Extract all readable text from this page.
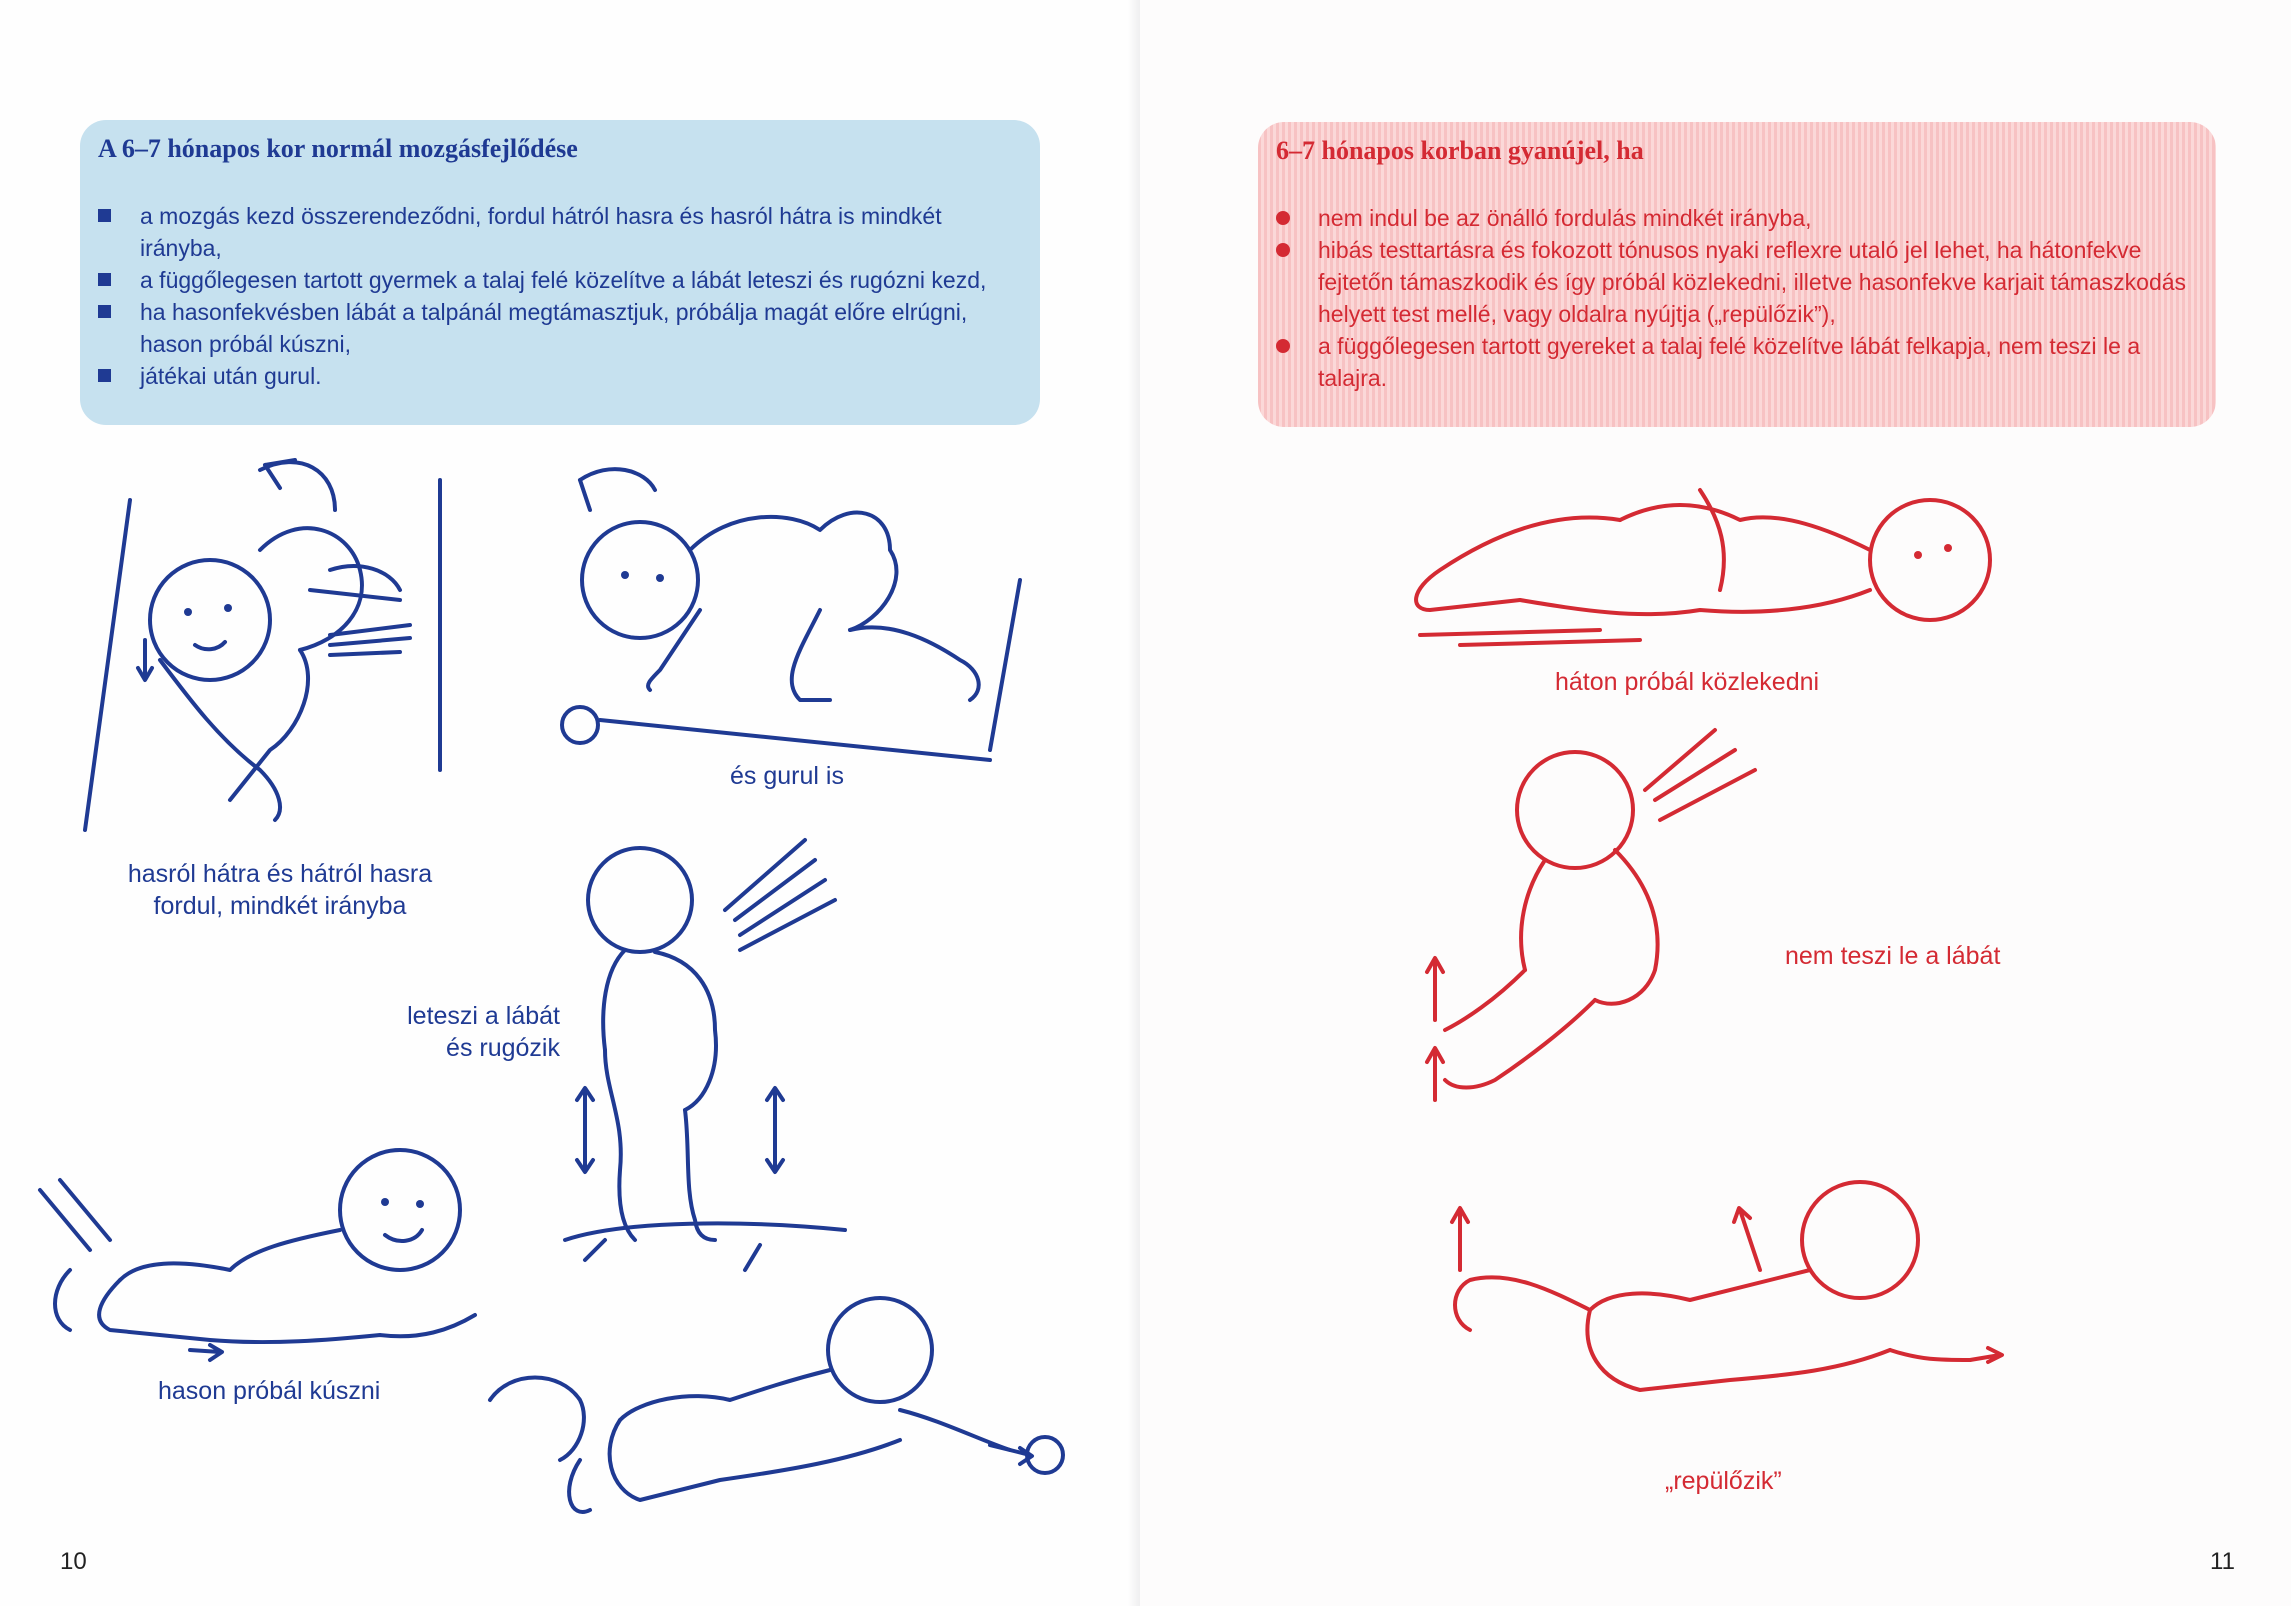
A 6–7 hónapos kor normál mozgásfejlődése
a mozgás kezd összerendeződni, fordul hátról hasra és hasról hátra is mindkét irányba,
a függőlegesen tartott gyermek a talaj felé közelítve a lábát leteszi és rugózni kezd,
ha hasonfekvésben lábát a talpánál megtámasztjuk, próbálja magát előre elrúgni, hason próbál kúszni,
játékai után gurul.
hasról hátra és hátról hasra
fordul, mindkét irányba
és gurul is
leteszi a lábát
és rugózik
hason próbál kúszni
10
6–7 hónapos korban gyanújel, ha
nem indul be az önálló fordulás mindkét irányba,
hibás testtartásra és fokozott tónusos nyaki reflexre utaló jel lehet, ha hátonfekve fejtetőn támaszkodik és így próbál közlekedni, illetve hasonfekve karjait támaszkodás helyett test mellé, vagy oldalra nyújtja („repülőzik”),
a függőlegesen tartott gyereket a talaj felé közelítve lábát felkapja, nem teszi le a talajra.
háton próbál közlekedni
nem teszi le a lábát
„repülőzik”
11
